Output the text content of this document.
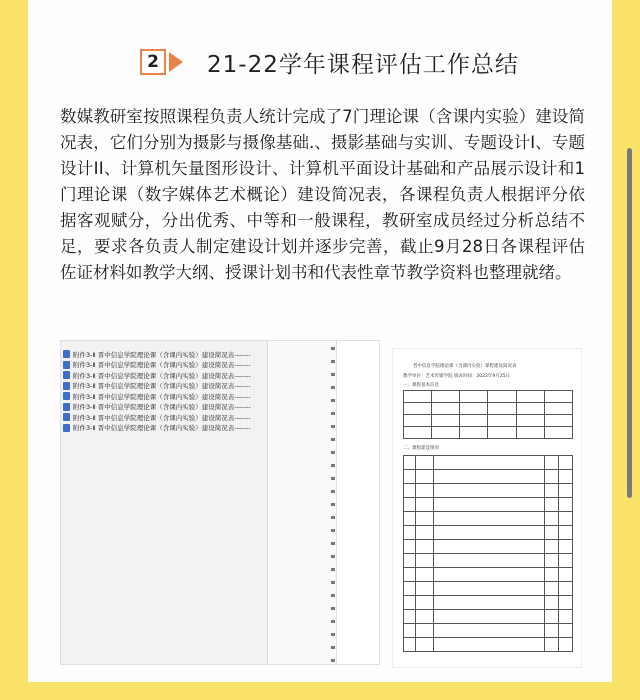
2	21-22学年课程评估工作总结
数媒教研室按照课程负责人统计完成了7门理论课（含课内实验）建设简况表，它们分别为摄影与摄像基础.、摄影基础与实训、专题设计Ⅰ、专题设计ⅠⅠ、计算机矢量图形设计、计算机平面设计基础和产品展示设计和1门理论课（数字媒体艺术概论）建设简况表，各课程负责人根据评分依据客观赋分，分出优秀、中等和一般课程，教研室成员经过分析总结不足，要求各负责人制定建设计划并逐步完善，截止9月28日各课程评估佐证材料如教学大纲、授课计划书和代表性章节教学资料也整理就绪。
附件3-Ⅱ 晋中信息学院理论课（含课内实验）建设简况表-------
附件3-Ⅱ 晋中信息学院理论课（含课内实验）建设简况表-------
附件3-Ⅱ 晋中信息学院理论课（含课内实验）建设简况表-------
附件3-Ⅱ 晋中信息学院理论课（含课内实验）建设简况表-------
附件3-Ⅱ 晋中信息学院理论课（含课内实验）建设简况表-------
附件3-Ⅱ 晋中信息学院理论课（含课内实验）建设简况表-------
附件3-Ⅱ 晋中信息学院理论课（含课内实验）建设简况表-------
附件3-Ⅱ 晋中信息学院理论课（含课内实验）建设简况表-------
晋中信息学院理论课（含课内实验）课程建设简况表
教学单位：艺术传媒学院 填表时间：2022年9月25日
一、课程基本信息

二、课程建设情况
